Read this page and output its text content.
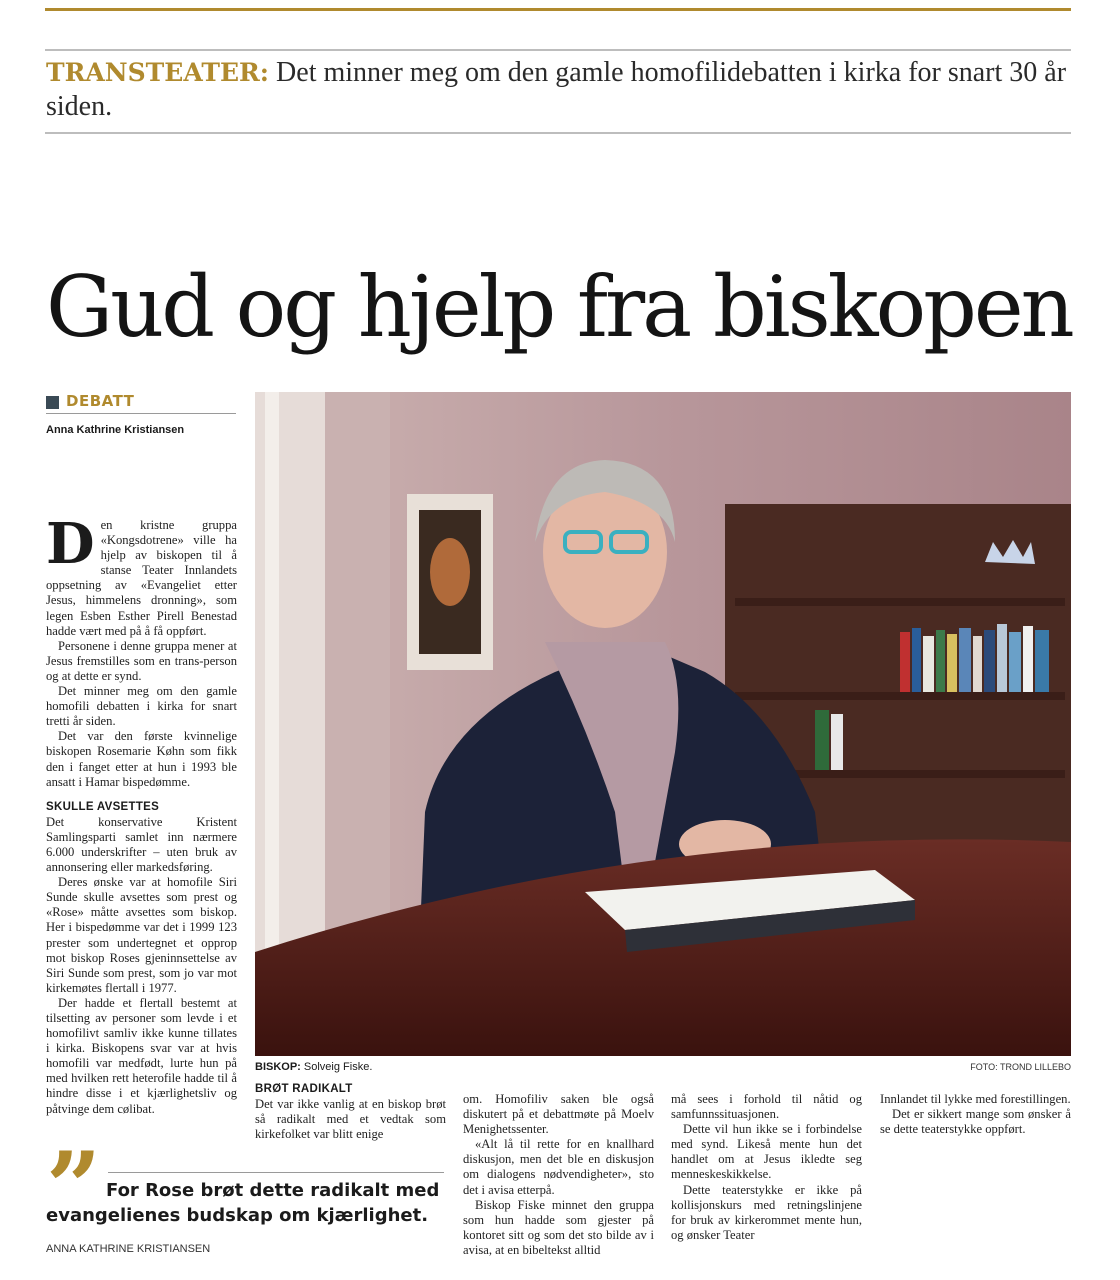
TRANSTEATER: Det minner meg om den gamle homofilidebatten i kirka for snart 30 år siden.
Gud og hjelp fra biskopen
DEBATT
Anna Kathrine Kristiansen

Den kristne gruppa «Kongsdotrene» ville ha hjelp av biskopen til å stanse Teater Innlandets oppsetning av «Evangeliet etter Jesus, himmelens dronning», som legen Esben Esther Pirell Benestad hadde vært med på å få oppført.

Personene i denne gruppa mener at Jesus fremstilles som en trans-person og at dette er synd.

Det minner meg om den gamle homofili debatten i kirka for snart tretti år siden.

Det var den første kvinnelige biskopen Rosemarie Køhn som fikk den i fanget etter at hun i 1993 ble ansatt i Hamar bispedømme.

SKULLE AVSETTES

Det konservative Kristent Samlingsparti samlet inn nærmere 6.000 underskrifter – uten bruk av annonsering eller markedsføring.

Deres ønske var at homofile Siri Sunde skulle avsettes som prest og «Rose» måtte avsettes som biskop. Her i bispedømme var det i 1999 123 prester som undertegnet et opprop mot biskop Roses gjeninnsettelse av Siri Sunde som prest, som jo var mot kirkemøtes flertall i 1977.

Der hadde et flertall bestemt at tilsetting av personer som levde i et homofilivt samliv ikke kunne tillates i kirka. Biskopens svar var at hvis homofili var medfødt, lurte hun på med hvilken rett heterofile hadde til å hindre disse i et kjærlighetsliv og påtvinge dem cølibat.

BISKOP: Solveig Fiske.	FOTO: TROND LILLEBO
BRØT RADIKALT

Det var ikke vanlig at en biskop brøt så radikalt med et vedtak som kirkefolket var blitt enige

” For Rose brøt dette radikalt med evangelienes budskap om kjærlighet.
ANNA KATHRINE KRISTIANSEN

om. Homofiliv saken ble også diskutert på et debattmøte på Moelv Menighetssenter.

«Alt lå til rette for en knallhard diskusjon, men det ble en diskusjon om dialogens nødvendigheter», sto det i avisa etterpå.

Biskop Fiske minnet den gruppa som hun hadde som gjester på kontoret sitt og som det sto bilde av i avisa, at en bibeltekst alltid

må sees i forhold til nåtid og samfunnssituasjonen.

Dette vil hun ikke se i forbindelse med synd. Likeså mente hun det handlet om at Jesus ikledte seg menneskeskikkelse.

Dette teaterstykke er ikke på kollisjonskurs med retningslinjene for bruk av kirkerommet mente hun, og ønsker Teater

Innlandet til lykke med forestillingen.

Det er sikkert mange som ønsker å se dette teaterstykke oppført.
